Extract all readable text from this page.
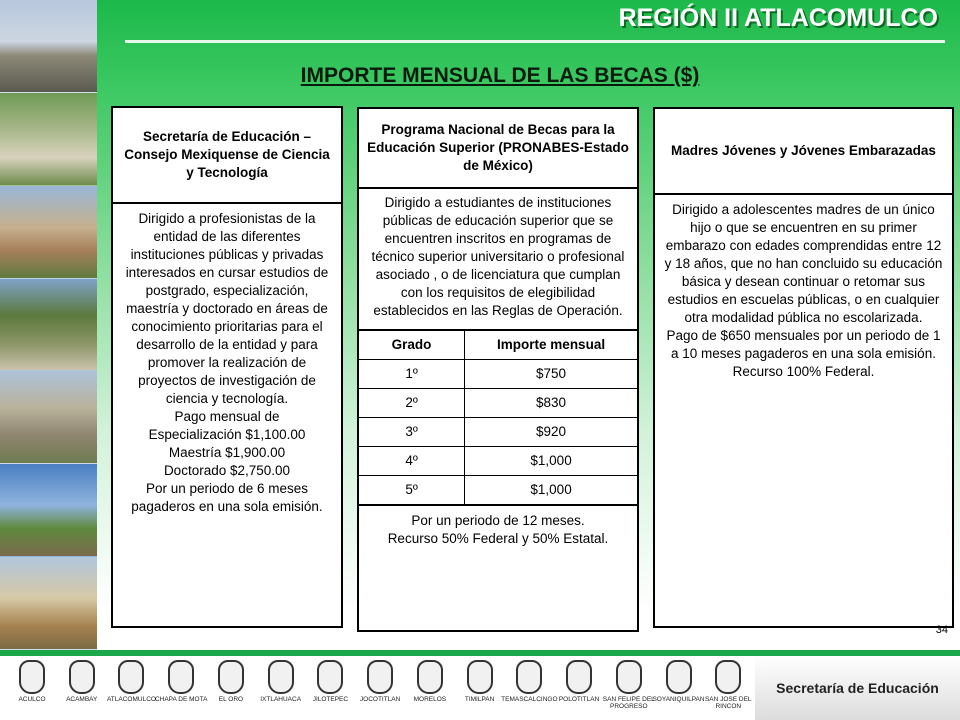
REGIÓN II ATLACOMULCO
IMPORTE MENSUAL DE LAS BECAS ($)
Secretaría de Educación – Consejo Mexiquense de Ciencia y Tecnología
Dirigido a profesionistas de la entidad de las diferentes instituciones públicas y privadas interesados en cursar estudios de postgrado, especialización, maestría y doctorado en áreas de conocimiento prioritarias para el desarrollo de la entidad y para promover la realización de proyectos de investigación de ciencia y tecnología.
Pago mensual de
Especialización $1,100.00
Maestría $1,900.00
Doctorado $2,750.00
Por un periodo de 6 meses pagaderos en una sola emisión.
Programa Nacional de Becas para la Educación Superior (PRONABES-Estado de México)
Dirigido a estudiantes de instituciones públicas de educación superior que se encuentren inscritos en programas de técnico superior universitario o profesional asociado , o de licenciatura que cumplan con los requisitos de elegibilidad establecidos en las Reglas de Operación.
Grado	Importe mensual
1º	$750
2º	$830
3º	$920
4º	$1,000
5º	$1,000
Por un periodo de 12 meses.
Recurso 50% Federal y 50% Estatal.
Madres Jóvenes y Jóvenes Embarazadas
Dirigido a adolescentes madres de un único hijo o que se encuentren en su primer embarazo con edades comprendidas entre 12 y 18 años, que no han concluido su educación básica y desean continuar o retomar sus estudios en escuelas públicas, o en cualquier otra modalidad pública no escolarizada.
Pago de $650 mensuales por un periodo de 1 a 10 meses pagaderos en una sola emisión.
Recurso 100% Federal.
34
ACULCO	ACAMBAY	ATLACOMULCO
CHAPA DE MOTA	EL ORO	IXTLAHUACA	JILOTEPEC	JOCOTITLAN	MORELOS	TIMILPAN	TEMASCALCINGO POLOTITLAN SAN FELIPE DEL PROGRESO
SOYANIQUILPAN SAN JOSE DEL RINCON
Secretaría de Educación
